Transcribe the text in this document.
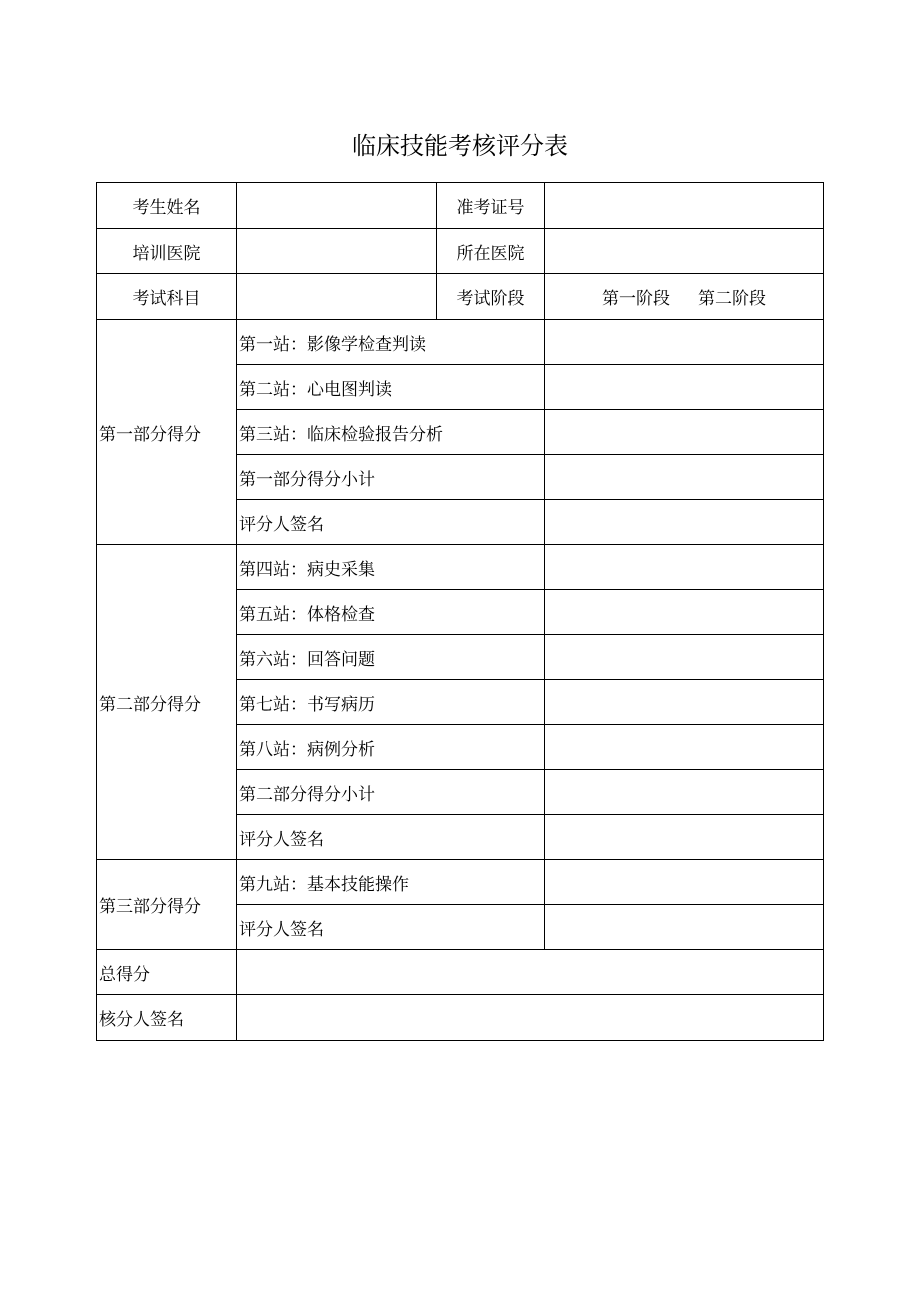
临床技能考核评分表
考生姓名		准考证号	
培训医院		所在医院	
考试科目		考试阶段	第一阶段 第二阶段
第一部分得分	第一站：影像学检查判读		
	第二站：心电图判读		
	第三站：临床检验报告分析		
	第一部分得分小计		
	评分人签名		
第二部分得分	第四站：病史采集		
	第五站：体格检查		
	第六站：回答问题		
	第七站：书写病历		
	第八站：病例分析		
	第二部分得分小计		
	评分人签名		
第三部分得分	第九站：基本技能操作		
	评分人签名		
总得分			
核分人签名			
